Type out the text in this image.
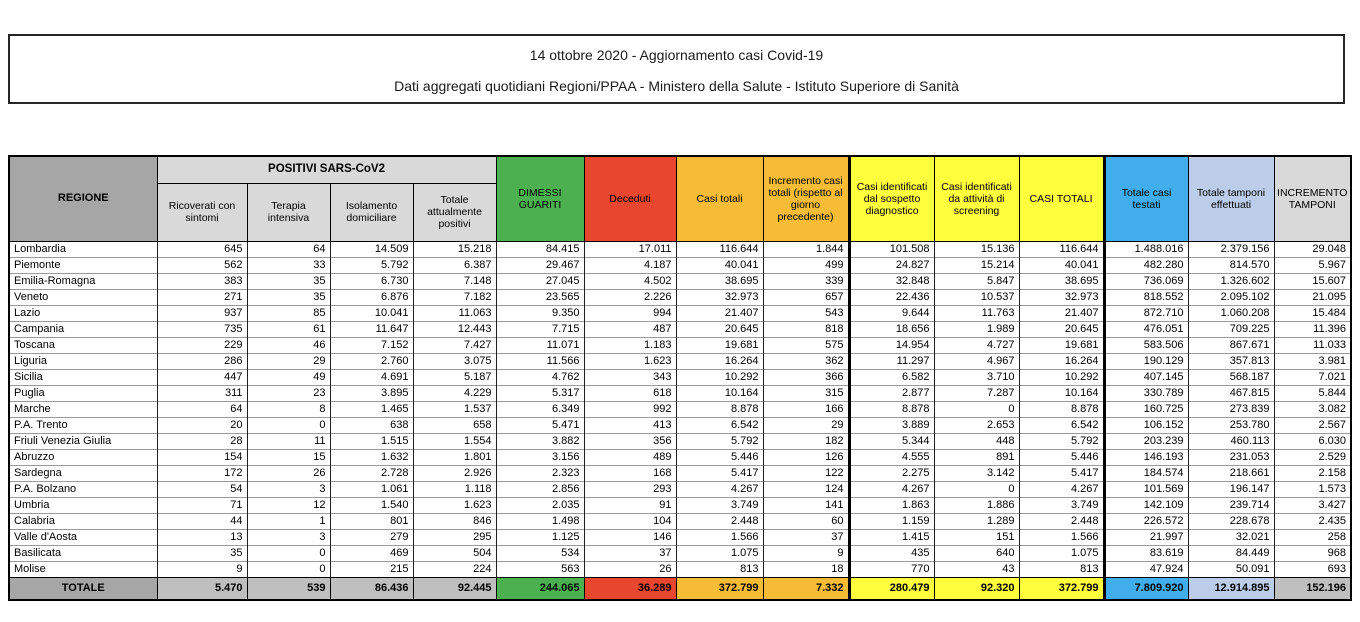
14 ottobre 2020 - Aggiornamento casi Covid-19
Dati aggregati quotidiani Regioni/PPAA - Ministero della Salute - Istituto Superiore di Sanità
REGIONE	POSITIVI SARS-CoV2				DIMESSI GUARITI	Deceduti	Casi totali	Incremento casi totali (rispetto al giorno precedente)	Casi identificati dal sospetto diagnostico	Casi identificati da attività di screening	CASI TOTALI	Totale casi testati	Totale tamponi effettuati	INCREMENTO TAMPONI
	Ricoverati con sintomi	Terapia intensiva	Isolamento domiciliare	Totale attualmente positivi										
Lombardia	645	64	14.509	15.218	84.415	17.011	116.644	1.844	101.508	15.136	116.644	1.488.016	2.379.156	29.048
Piemonte	562	33	5.792	6.387	29.467	4.187	40.041	499	24.827	15.214	40.041	482.280	814.570	5.967
Emilia-Romagna	383	35	6.730	7.148	27.045	4.502	38.695	339	32.848	5.847	38.695	736.069	1.326.602	15.607
Veneto	271	35	6.876	7.182	23.565	2.226	32.973	657	22.436	10.537	32.973	818.552	2.095.102	21.095
Lazio	937	85	10.041	11.063	9.350	994	21.407	543	9.644	11.763	21.407	872.710	1.060.208	15.484
Campania	735	61	11.647	12.443	7.715	487	20.645	818	18.656	1.989	20.645	476.051	709.225	11.396
Toscana	229	46	7.152	7.427	11.071	1.183	19.681	575	14.954	4.727	19.681	583.506	867.671	11.033
Liguria	286	29	2.760	3.075	11.566	1.623	16.264	362	11.297	4.967	16.264	190.129	357.813	3.981
Sicilia	447	49	4.691	5.187	4.762	343	10.292	366	6.582	3.710	10.292	407.145	568.187	7.021
Puglia	311	23	3.895	4.229	5.317	618	10.164	315	2.877	7.287	10.164	330.789	467.815	5.844
Marche	64	8	1.465	1.537	6.349	992	8.878	166	8.878	0	8.878	160.725	273.839	3.082
P.A. Trento	20	0	638	658	5.471	413	6.542	29	3.889	2.653	6.542	106.152	253.780	2.567
Friuli Venezia Giulia	28	11	1.515	1.554	3.882	356	5.792	182	5.344	448	5.792	203.239	460.113	6.030
Abruzzo	154	15	1.632	1.801	3.156	489	5.446	126	4.555	891	5.446	146.193	231.053	2.529
Sardegna	172	26	2.728	2.926	2.323	168	5.417	122	2.275	3.142	5.417	184.574	218.661	2.158
P.A. Bolzano	54	3	1.061	1.118	2.856	293	4.267	124	4.267	0	4.267	101.569	196.147	1.573
Umbria	71	12	1.540	1.623	2.035	91	3.749	141	1.863	1.886	3.749	142.109	239.714	3.427
Calabria	44	1	801	846	1.498	104	2.448	60	1.159	1.289	2.448	226.572	228.678	2.435
Valle d'Aosta	13	3	279	295	1.125	146	1.566	37	1.415	151	1.566	21.997	32.021	258
Basilicata	35	0	469	504	534	37	1.075	9	435	640	1.075	83.619	84.449	968
Molise	9	0	215	224	563	26	813	18	770	43	813	47.924	50.091	693
TOTALE	5.470	539	86.436	92.445	244.065	36.289	372.799	7.332	280.479	92.320	372.799	7.809.920	12.914.895	152.196
